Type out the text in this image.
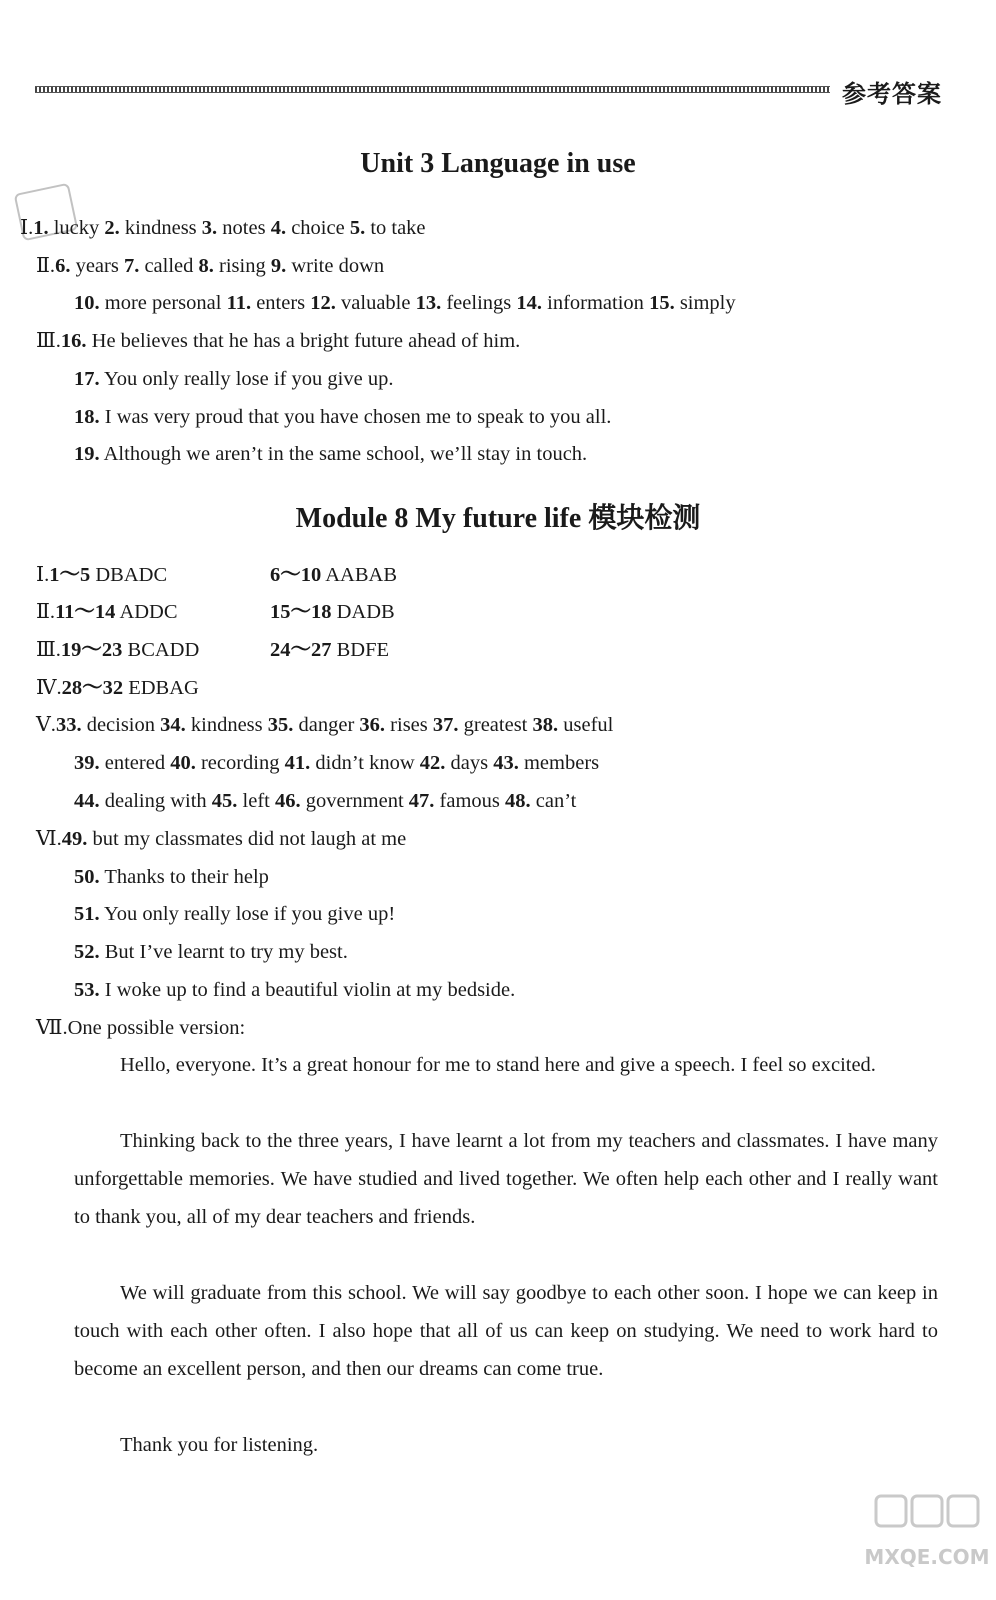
参考答案
Unit 3 Language in use
Ⅰ.1. lucky 2. kindness 3. notes 4. choice 5. to take
Ⅱ.6. years 7. called 8. rising 9. write down
10. more personal 11. enters 12. valuable 13. feelings 14. information 15. simply
Ⅲ.16. He believes that he has a bright future ahead of him.
17. You only really lose if you give up.
18. I was very proud that you have chosen me to speak to you all.
19. Although we aren’t in the same school, we’ll stay in touch.
Module 8 My future life 模块检测
Ⅰ.1～5 DBADC	6～10 AABAB
Ⅱ.11～14 ADDC	15～18 DADB
Ⅲ.19～23 BCADD	24～27 BDFE
Ⅳ.28～32 EDBAG
Ⅴ.33. decision 34. kindness 35. danger 36. rises 37. greatest 38. useful
39. entered 40. recording 41. didn’t know 42. days 43. members
44. dealing with 45. left 46. government 47. famous 48. can’t
Ⅵ.49. but my classmates did not laugh at me
50. Thanks to their help
51. You only really lose if you give up!
52. But I’ve learnt to try my best.
53. I woke up to find a beautiful violin at my bedside.
Ⅶ.One possible version:
Hello, everyone. It’s a great honour for me to stand here and give a speech. I feel so excited.
Thinking back to the three years, I have learnt a lot from my teachers and classmates. I have many unforgettable memories. We have studied and lived together. We often help each other and I really want to thank you, all of my dear teachers and friends.
We will graduate from this school. We will say goodbye to each other soon. I hope we can keep in touch with each other often. I also hope that all of us can keep on studying. We need to work hard to become an excellent person, and then our dreams can come true.
Thank you for listening.
MXQE.COM
